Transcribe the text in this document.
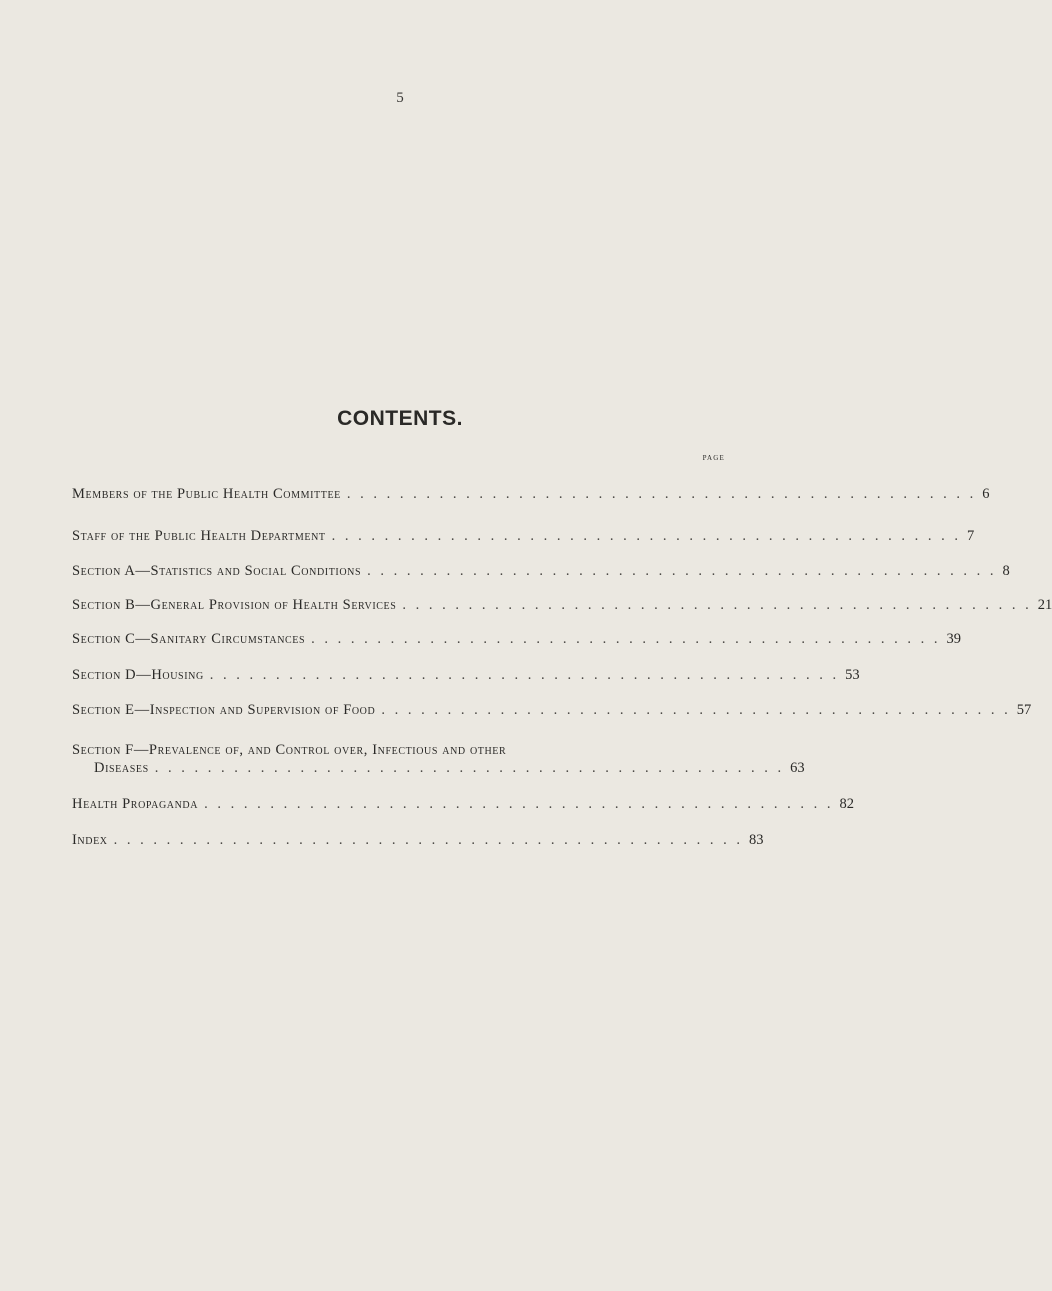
5
CONTENTS.
page
Members of the Public Health Committee . . . . . . . . . . . . . . . . . . . . . . . . . . . . . . . . . . . . . . . . . . . . . . . . 6
Staff of the Public Health Department . . . . . . . . . . . . . . . . . . . . . . . . . . . . . . . . . . . . . . . . . . . . . . . . 7
Section A—Statistics and Social Conditions . . . . . . . . . . . . . . . . . . . . . . . . . . . . . . . . . . . . . . . . . . . . . . . . 8
Section B—General Provision of Health Services . . . . . . . . . . . . . . . . . . . . . . . . . . . . . . . . . . . . . . . . . . . . . . . . 21
Section C—Sanitary Circumstances . . . . . . . . . . . . . . . . . . . . . . . . . . . . . . . . . . . . . . . . . . . . . . . . 39
Section D—Housing . . . . . . . . . . . . . . . . . . . . . . . . . . . . . . . . . . . . . . . . . . . . . . . . 53
Section E—Inspection and Supervision of Food . . . . . . . . . . . . . . . . . . . . . . . . . . . . . . . . . . . . . . . . . . . . . . . . 57
Section F—Prevalence of, and Control over, Infectious and other
Diseases . . . . . . . . . . . . . . . . . . . . . . . . . . . . . . . . . . . . . . . . . . . . . . . . 63
Health Propaganda . . . . . . . . . . . . . . . . . . . . . . . . . . . . . . . . . . . . . . . . . . . . . . . . 82
Index . . . . . . . . . . . . . . . . . . . . . . . . . . . . . . . . . . . . . . . . . . . . . . . . 83
